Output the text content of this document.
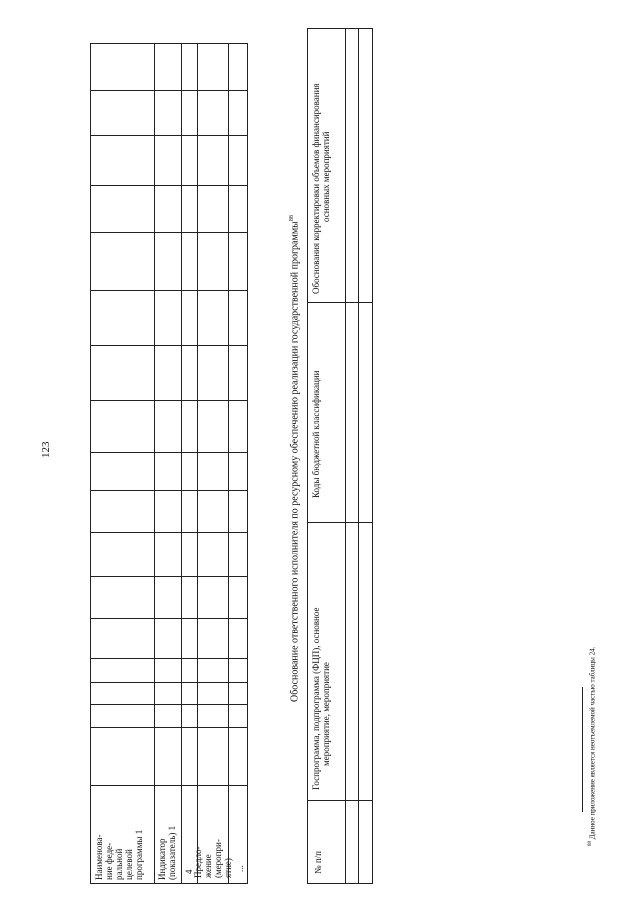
123
Наименова- ние феде- ральной целевой программы 1 Индикатор (показатель) 1 4 Предло- жение (меропри- ятие) ...
Обоснование ответственного исполнителя по ресурсному обеспечению реализации государственной программы$^{88}$
№ п/п
Госпрограмма, подпрограмма (ФЦП), основное мероприятие, мероприятие
Коды бюджетной классификации
Обоснования корректировки объемов финансирования основных мероприятий
$^{88}$ Данное приложение является неотъемлемой частью таблицы 24.
